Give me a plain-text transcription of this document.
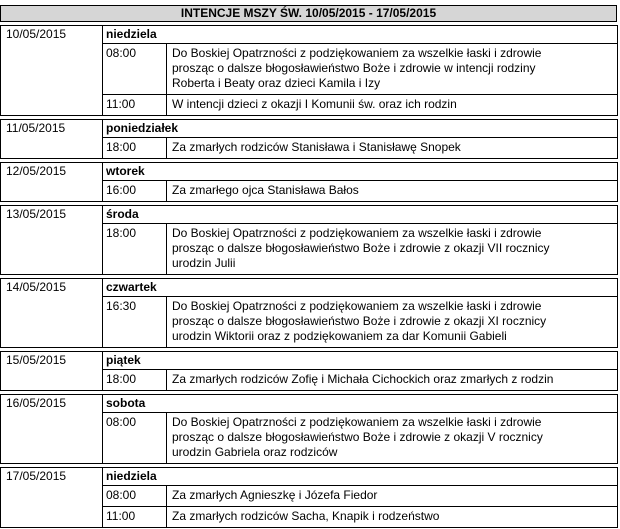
INTENCJE MSZY ŚW. 10/05/2015 - 17/05/2015
10/05/2015	niedziela
08:00	Do Boskiej Opatrzności z podziękowaniem za wszelkie łaski i zdrowie
prosząc o dalsze błogosławieństwo Boże i zdrowie w intencji rodziny
Roberta i Beaty oraz dzieci Kamila i Izy
11:00	W intencji dzieci z okazji I Komunii św. oraz ich rodzin
11/05/2015	poniedziałek
18:00	Za zmarłych rodziców Stanisława i Stanisławę Snopek
12/05/2015	wtorek
16:00	Za zmarłego ojca Stanisława Bałos
13/05/2015	środa
18:00	Do Boskiej Opatrzności z podziękowaniem za wszelkie łaski i zdrowie
prosząc o dalsze błogosławieństwo Boże i zdrowie z okazji VII rocznicy
urodzin Julii
14/05/2015	czwartek
16:30	Do Boskiej Opatrzności z podziękowaniem za wszelkie łaski i zdrowie
prosząc o dalsze błogosławieństwo Boże i zdrowie z okazji XI rocznicy
urodzin Wiktorii oraz z podziękowaniem za dar Komunii Gabieli
15/05/2015	piątek
18:00	Za zmarłych rodziców Zofię i Michała Cichockich oraz zmarłych z rodzin
16/05/2015	sobota
08:00	Do Boskiej Opatrzności z podziękowaniem za wszelkie łaski i zdrowie
prosząc o dalsze błogosławieństwo Boże i zdrowie z okazji V rocznicy
urodzin Gabriela oraz rodziców
17/05/2015	niedziela
08:00	Za zmarłych Agnieszkę i Józefa Fiedor
11:00	Za zmarłych rodziców Sacha, Knapik i rodzeństwo
